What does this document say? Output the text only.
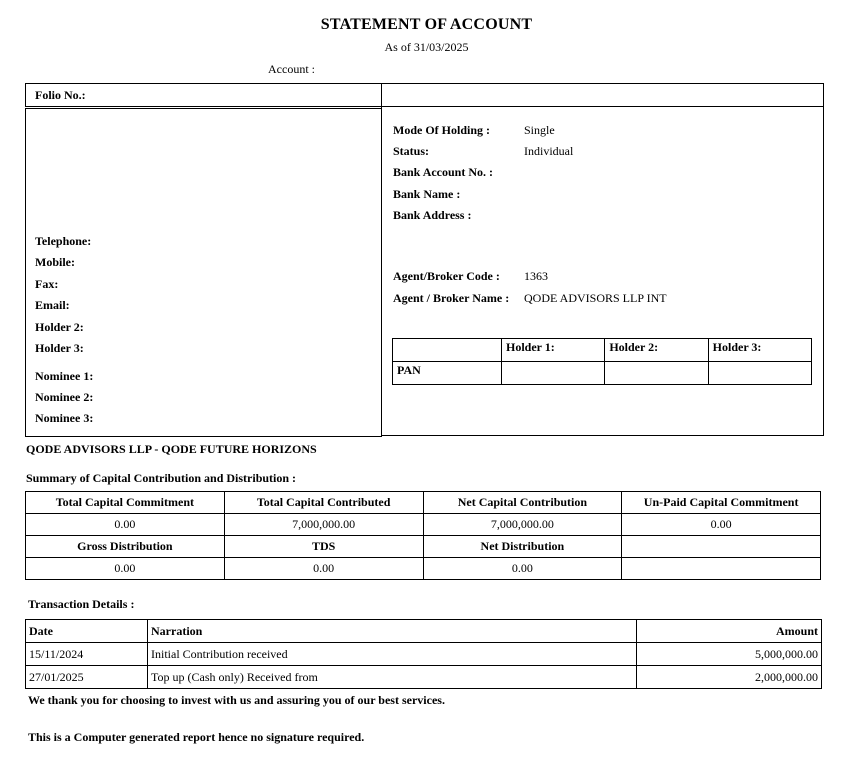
STATEMENT OF ACCOUNT
As of 31/03/2025
Account :
Folio No.:
Telephone:
Mobile:
Fax:
Email:
Holder 2:
Holder 3:
Nominee 1:
Nominee 2:
Nominee 3:
Mode Of Holding :	Single
Status:	Individual
Bank Account No. :
Bank Name :
Bank Address :
Agent/Broker Code : 1363
Agent / Broker Name : QODE ADVISORS LLP INT
	Holder 1:	Holder 2:	Holder 3:
PAN			
QODE ADVISORS LLP - QODE FUTURE HORIZONS
Summary of Capital Contribution and Distribution :
Total Capital Commitment	Total Capital Contributed	Net Capital Contribution	Un-Paid Capital Commitment
0.00	7,000,000.00	7,000,000.00	0.00
Gross Distribution	TDS	Net Distribution	
0.00	0.00	0.00	
Transaction Details :
Date	Narration	Amount
15/11/2024	Initial Contribution received	5,000,000.00
27/01/2025	Top up (Cash only) Received from	2,000,000.00
We thank you for choosing to invest with us and assuring you of our best services.
This is a Computer generated report hence no signature required.
